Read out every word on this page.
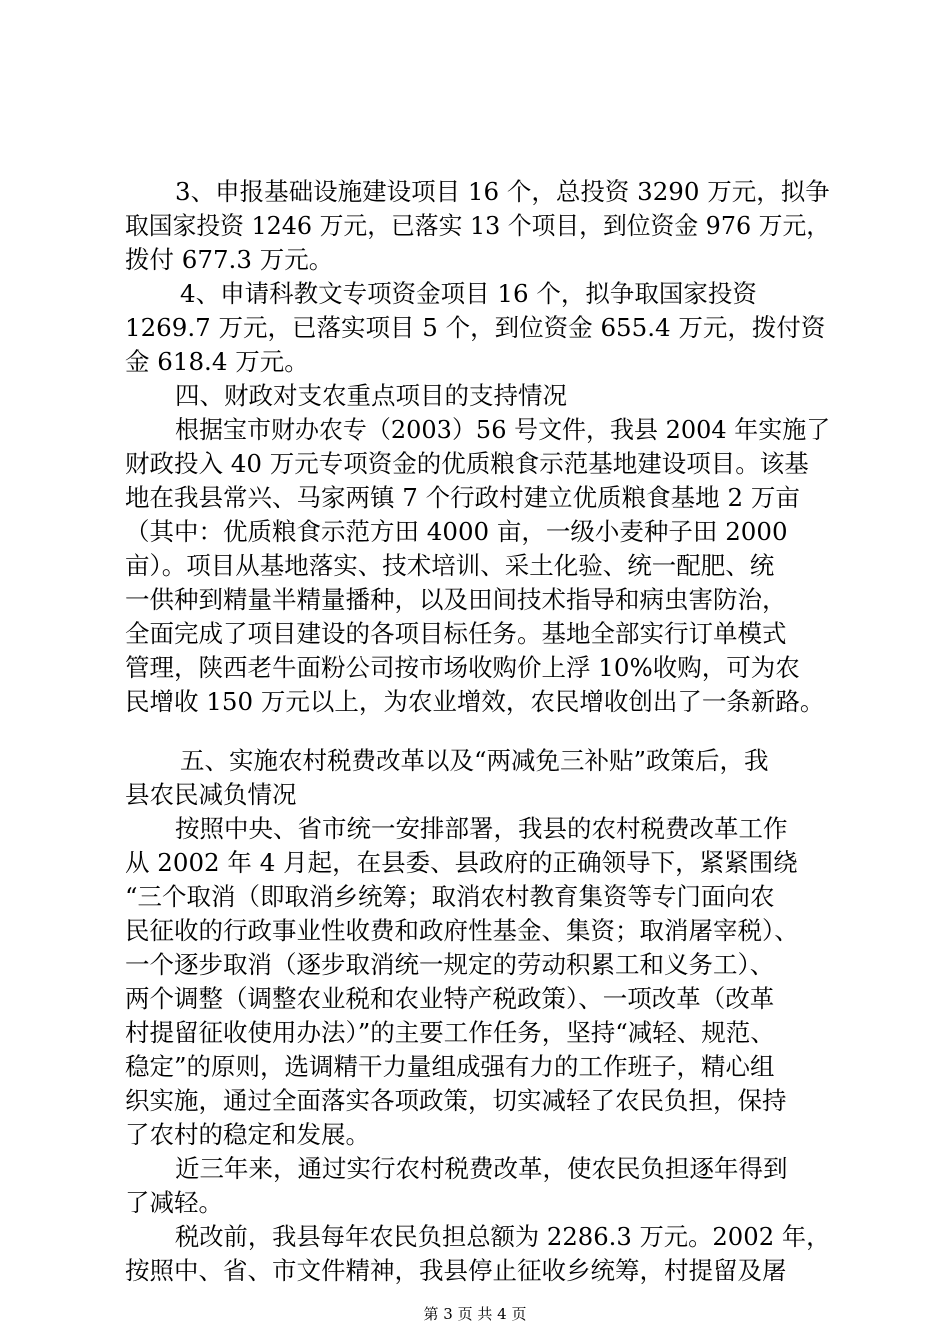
3、申报基础设施建设项目 16 个，总投资 3290 万元，拟争
取国家投资 1246 万元，已落实 13 个项目，到位资金 976 万元，
拨付 677.3 万元。
4、申请科教文专项资金项目 16 个，拟争取国家投资
1269.7 万元，已落实项目 5 个，到位资金 655.4 万元，拨付资
金 618.4 万元。
四、财政对支农重点项目的支持情况
根据宝市财办农专（2003）56 号文件，我县 2004 年实施了
财政投入 40 万元专项资金的优质粮食示范基地建设项目。该基
地在我县常兴、马家两镇 7 个行政村建立优质粮食基地 2 万亩
（其中：优质粮食示范方田 4000 亩，一级小麦种子田 2000
亩）。项目从基地落实、技术培训、采土化验、统一配肥、统
一供种到精量半精量播种，以及田间技术指导和病虫害防治，
全面完成了项目建设的各项目标任务。基地全部实行订单模式
管理，陕西老牛面粉公司按市场收购价上浮 10%收购，可为农
民增收 150 万元以上，为农业增效，农民增收创出了一条新路。
五、实施农村税费改革以及“两减免三补贴”政策后，我
县农民减负情况
按照中央、省市统一安排部署，我县的农村税费改革工作
从 2002 年 4 月起，在县委、县政府的正确领导下，紧紧围绕
“三个取消（即取消乡统筹；取消农村教育集资等专门面向农
民征收的行政事业性收费和政府性基金、集资；取消屠宰税）、
一个逐步取消（逐步取消统一规定的劳动积累工和义务工）、
两个调整（调整农业税和农业特产税政策）、一项改革（改革
村提留征收使用办法）”的主要工作任务，坚持“减轻、规范、
稳定”的原则，选调精干力量组成强有力的工作班子，精心组
织实施，通过全面落实各项政策，切实减轻了农民负担，保持
了农村的稳定和发展。
近三年来，通过实行农村税费改革，使农民负担逐年得到
了减轻。
税改前，我县每年农民负担总额为 2286.3 万元。2002 年，
按照中、省、市文件精神，我县停止征收乡统筹，村提留及屠
第 3 页 共 4 页
